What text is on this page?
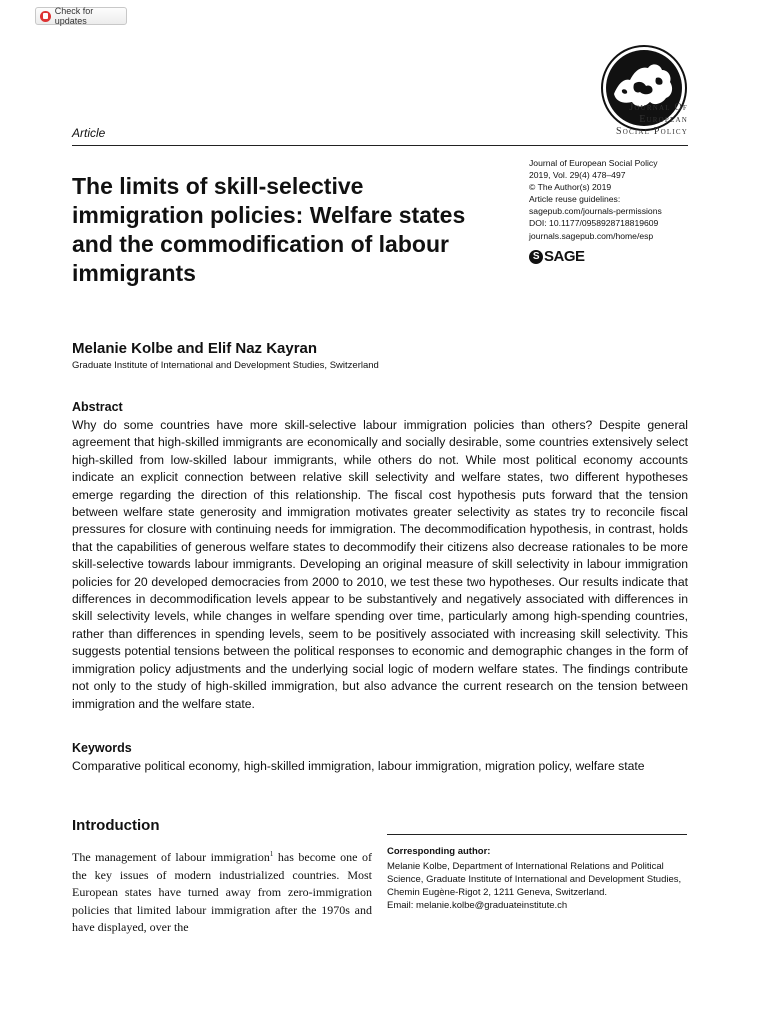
Check for updates
Journal Of
European
Social Policy
Article
The limits of skill-selective immigration policies: Welfare states and the commodification of labour immigrants
Journal of European Social Policy
2019, Vol. 29(4) 478–497
© The Author(s) 2019
Article reuse guidelines:
sagepub.com/journals-permissions
DOI: 10.1177/0958928718819609
journals.sagepub.com/home/esp
S SAGE
Melanie Kolbe and Elif Naz Kayran
Graduate Institute of International and Development Studies, Switzerland
Abstract
Why do some countries have more skill-selective labour immigration policies than others? Despite general agreement that high-skilled immigrants are economically and socially desirable, some countries extensively select high-skilled from low-skilled labour immigrants, while others do not. While most political economy accounts indicate an explicit connection between relative skill selectivity and welfare states, two different hypotheses emerge regarding the direction of this relationship. The fiscal cost hypothesis puts forward that the tension between welfare state generosity and immigration motivates greater selectivity as states try to reconcile fiscal pressures for closure with continuing needs for immigration. The decommodification hypothesis, in contrast, holds that the capabilities of generous welfare states to decommodify their citizens also decrease rationales to be more skill-selective towards labour immigrants. Developing an original measure of skill selectivity in labour immigration policies for 20 developed democracies from 2000 to 2010, we test these two hypotheses. Our results indicate that differences in decommodification levels appear to be substantively and negatively associated with differences in skill selectivity levels, while changes in welfare spending over time, particularly among high-spending countries, rather than differences in spending levels, seem to be positively associated with increasing skill selectivity. This suggests potential tensions between the political responses to economic and demographic changes in the form of immigration policy adjustments and the underlying social logic of modern welfare states. The findings contribute not only to the study of high-skilled immigration, but also advance the current research on the tension between immigration and the welfare state.
Keywords
Comparative political economy, high-skilled immigration, labour immigration, migration policy, welfare state
Introduction
The management of labour immigration$^1$ has become one of the key issues of modern industrialized countries. Most European states have turned away from zero-immigration policies that limited labour immigration after the 1970s and have displayed, over the
Corresponding author:
Melanie Kolbe, Department of International Relations and Political Science, Graduate Institute of International and Development Studies, Chemin Eugène-Rigot 2, 1211 Geneva, Switzerland.
Email: melanie.kolbe@graduateinstitute.ch
